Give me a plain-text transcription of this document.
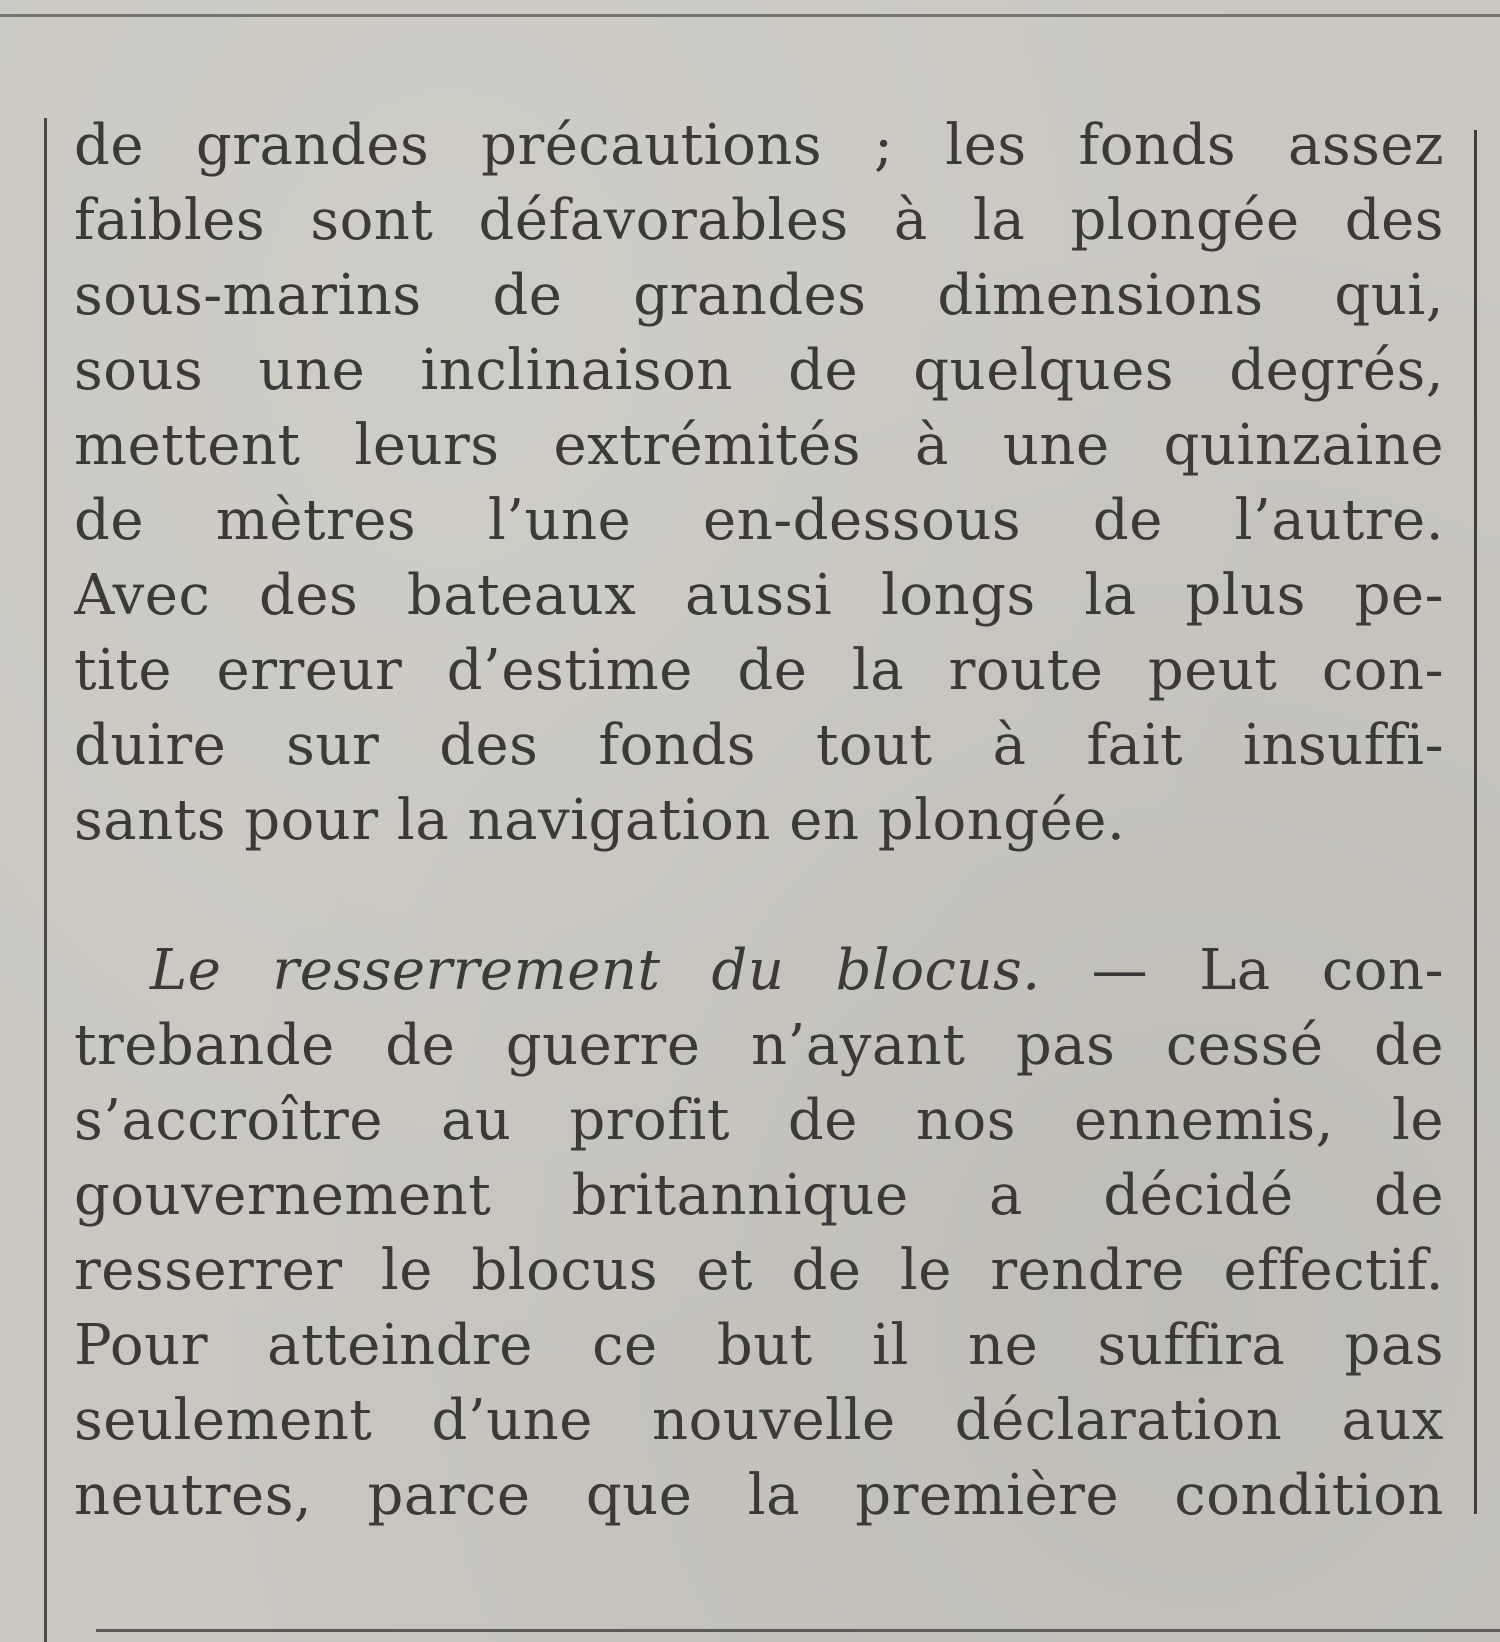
de grandes précautions ; les fonds assez
faibles sont défavorables à la plongée des
sous-marins de grandes dimensions qui,
sous une inclinaison de quelques degrés,
mettent leurs extrémités à une quinzaine
de mètres l’une en-dessous de l’autre.
Avec des bateaux aussi longs la plus pe-
tite erreur d’estime de la route peut con-
duire sur des fonds tout à fait insuffi-
sants pour la navigation en plongée.
Le resserrement du blocus. — La con-
trebande de guerre n’ayant pas cessé de
s’accroître au profit de nos ennemis, le
gouvernement britannique a décidé de
resserrer le blocus et de le rendre effectif.
Pour atteindre ce but il ne suffira pas
seulement d’une nouvelle déclaration aux
neutres, parce que la première condition
